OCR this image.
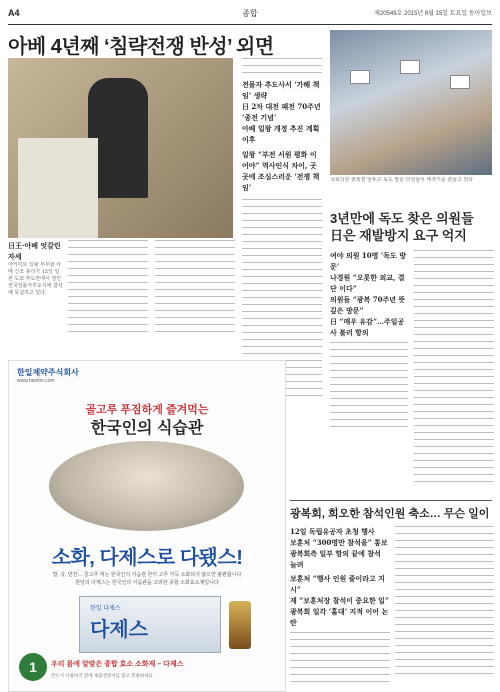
A4	종합	제20549호 2015년 8월 15일 토요일 동아일보
아베 4년째 ‘침략전쟁 반성’ 외면
日王·아베 엇갈린 자세
아키히토 일왕 부부와 아베 신조 총리가 15일 일본 도쿄 부도칸에서 열린 전국전몰자추도식에 참석해 묵념하고 있다.
전몰자 추도사서 ‘가해 책임’ 생략
日 2차 대전 패전 70주년 ‘종전 기념’
아베 일왕 개정 추진 계획 이후
일왕 “부전 서원 평화 이어야” 역사인식 차이, 곳곳에 조심스러운 ‘전쟁 책임’
국회의원 광복절 앞두고 독도 방문 의원들이 태극기를 흔들고 있다
3년만에 독도 찾은 의원들
日은 재발방지 요구 억지
여야 의원 10명 ‘독도 방문’
나경원 “오롯한 외교, 결단 이다”
의원들 “광복 70주년 뜻깊은 방문”
日 “매우 유감”…주일공사 불러 항의
광복회, 희오한 참석인원 축소… 무슨 일이
12일 독립유공자 초청 행사
보훈처 “300명만 참석을” 통보
광복회측 일부 항의 끝에 참석 늘려
보훈처 “행사 인원 줄이라고 지시”
재 “보훈처장 참석이 중요한 일”
광복회 일각 ‘홀대’ 지적 이어 논란
한일제약주식회사
www.hanilm.com
골고루 푸짐하게 즐겨먹는
한국인의 식습관
소화, 다제스로 다됐스!
밥, 국, 반찬… 골고루 먹는 한국인의 식습관 한끼 고루 가득 소화되지 않으면 불편합니다
한일의 다제스는 한국인의 식습관을 고려한 종합 소화효소제입니다
한일 다제스
다제스
1	우리 몸에 알맞은 종합 효소 소화제 – 다제스
반드시 사용하기 전에 제품설명서를 읽고 복용하세요
